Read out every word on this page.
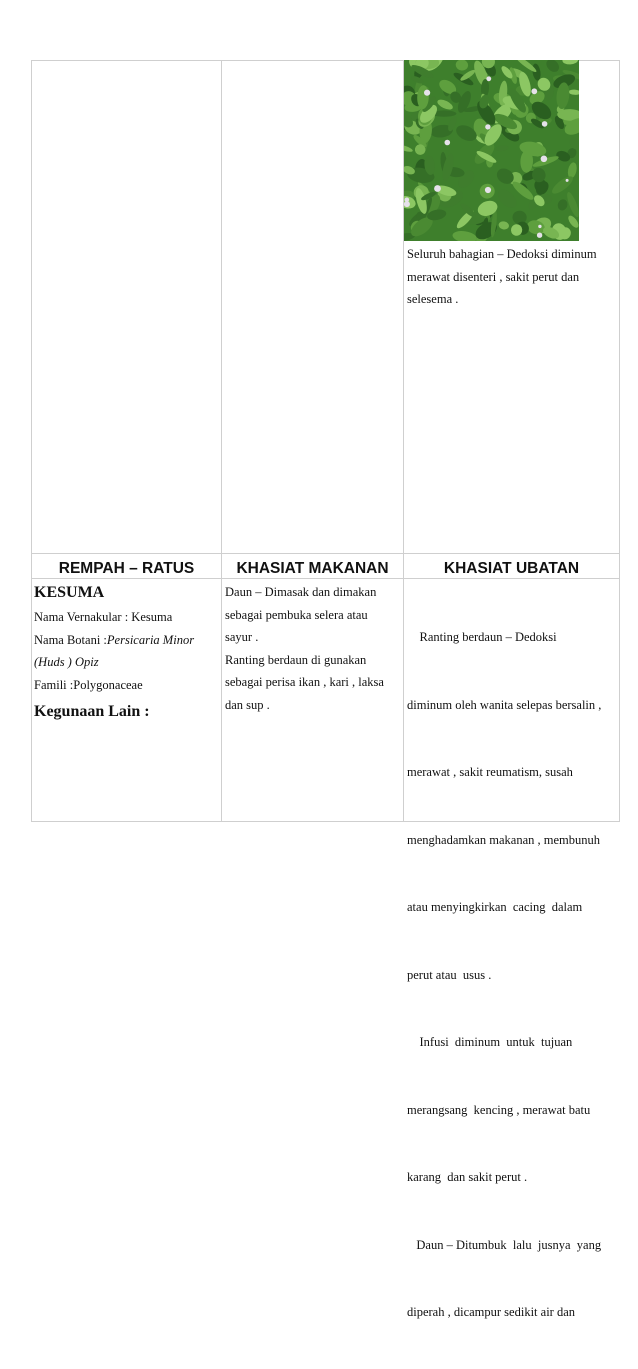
Seluruh bahagian – Dedoksi diminum

merawat disenteri , sakit perut dan

selesema .

REMPAH – RATUS	KHASIAT MAKANAN	KHASIAT UBATAN
KESUMA

Nama Vernakular : Kesuma

Nama Botani :Persicaria Minor

(Huds ) Opiz

Famili :Polygonaceae

Kegunaan Lain :

Daun – Dimasak dan dimakan

sebagai pembuka selera atau

sayur .

Ranting berdaun di gunakan

sebagai perisa ikan , kari , laksa

dan sup .

Ranting berdaun – Dedoksi

diminum oleh wanita selepas bersalin ,

merawat , sakit reumatism, susah

menghadamkan makanan , membunuh

atau menyingkirkan  cacing  dalam

perut atau  usus .

Infusi  diminum  untuk  tujuan

merangsang  kencing , merawat batu

karang  dan sakit perut .

Daun – Ditumbuk  lalu  jusnya  yang

diperah , dicampur sedikit air dan
